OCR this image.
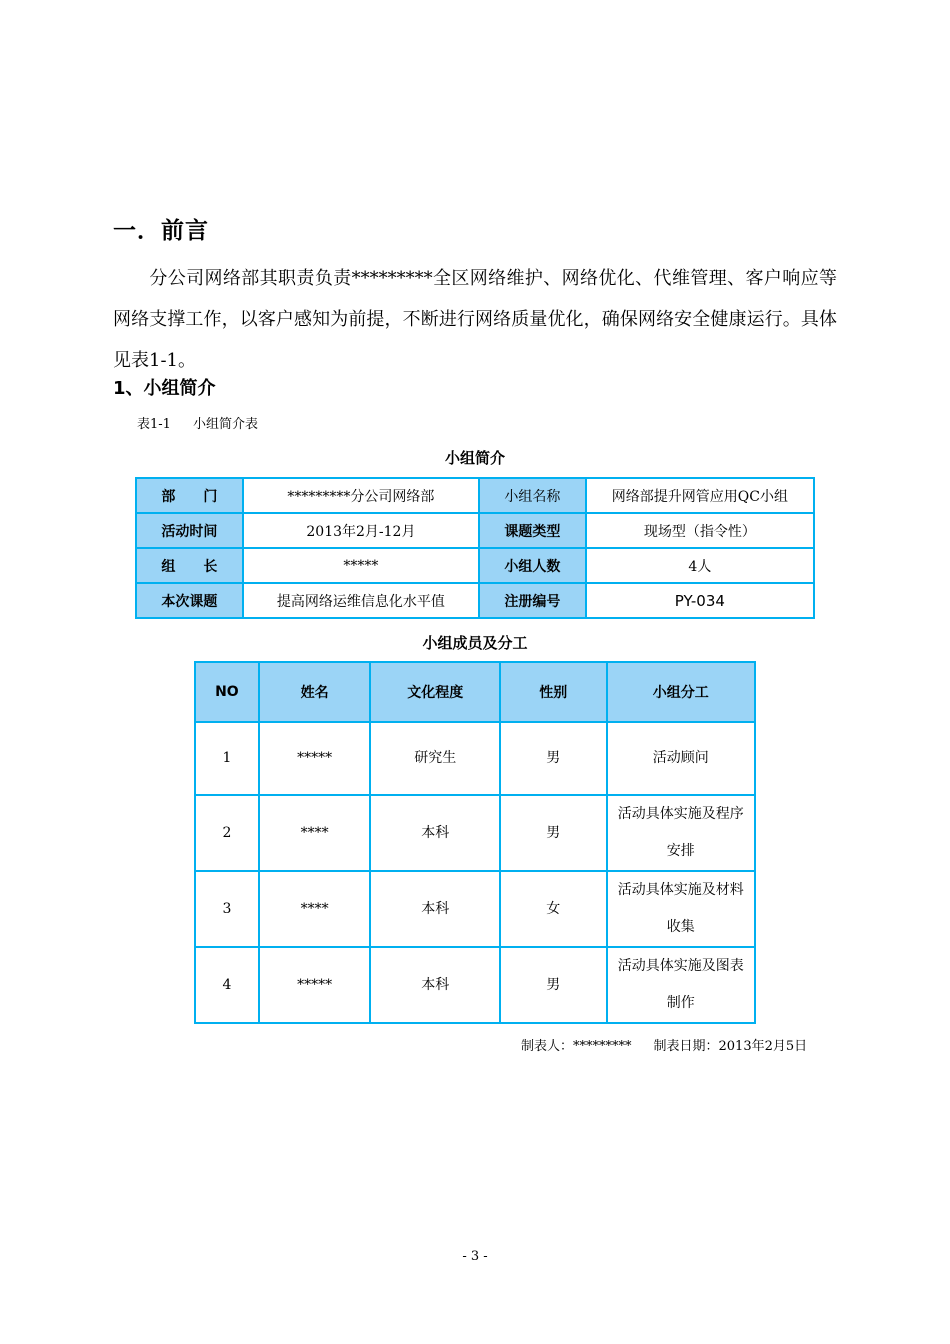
一．前言
分公司网络部其职责负责*********全区网络维护、网络优化、代维管理、客户响应等网络支撑工作，以客户感知为前提，不断进行网络质量优化，确保网络安全健康运行。具体见表1-1。
1、小组简介
表1-1 小组简介表
小组简介
部　　门	*********分公司网络部	小组名称	网络部提升网管应用QC小组
活动时间	2013年2月-12月	课题类型	现场型（指令性）
组　　长	*****	小组人数	4人
本次课题	提高网络运维信息化水平值	注册编号	PY-034
小组成员及分工
NO	姓名	文化程度	性别	小组分工
1	*****	研究生	男	活动顾问
2	****	本科	男	活动具体实施及程序安排
3	****	本科	女	活动具体实施及材料收集
4	*****	本科	男	活动具体实施及图表制作
制表人：********* 制表日期：2013年2月5日
- 3 -
